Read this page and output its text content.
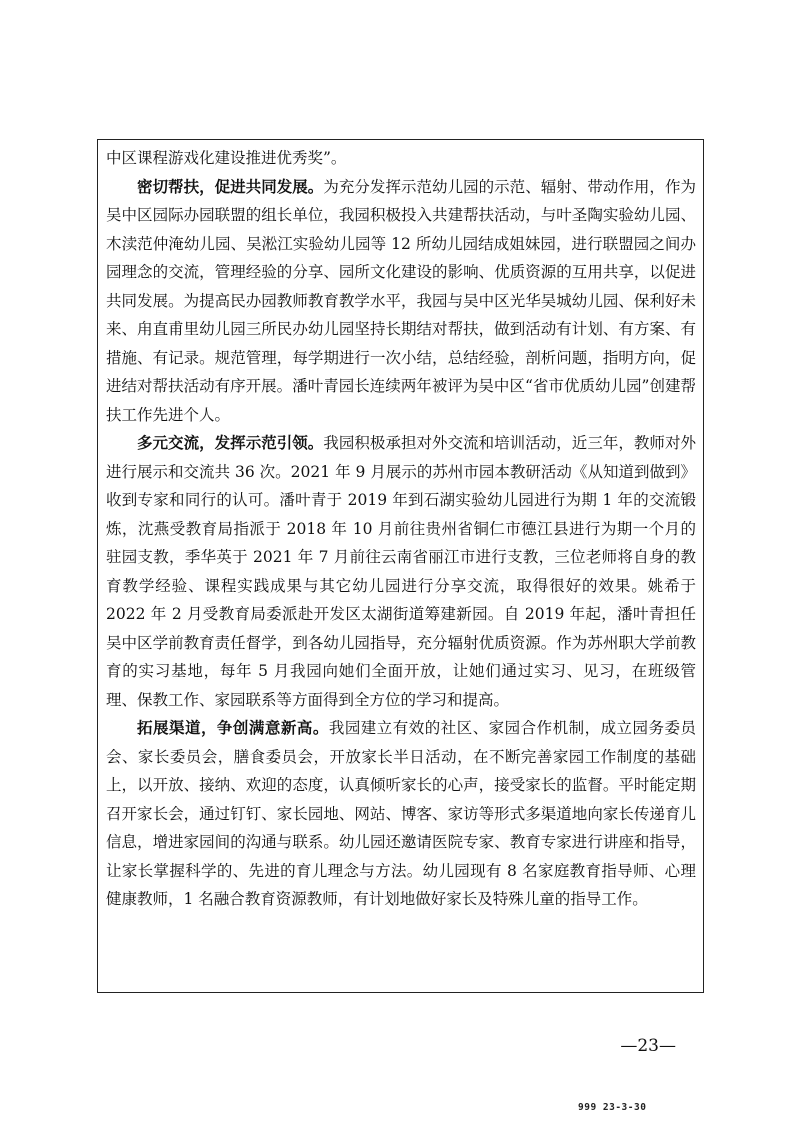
中区课程游戏化建设推进优秀奖”。

密切帮扶，促进共同发展。为充分发挥示范幼儿园的示范、辐射、带动作用，作为吴中区园际办园联盟的组长单位，我园积极投入共建帮扶活动，与叶圣陶实验幼儿园、木渎范仲淹幼儿园、吴淞江实验幼儿园等 12 所幼儿园结成姐妹园，进行联盟园之间办园理念的交流，管理经验的分享、园所文化建设的影响、优质资源的互用共享，以促进共同发展。为提高民办园教师教育教学水平，我园与吴中区光华吴城幼儿园、保利好未来、甪直甫里幼儿园三所民办幼儿园坚持长期结对帮扶，做到活动有计划、有方案、有措施、有记录。规范管理，每学期进行一次小结，总结经验，剖析问题，指明方向，促进结对帮扶活动有序开展。潘叶青园长连续两年被评为吴中区“省市优质幼儿园”创建帮扶工作先进个人。

多元交流，发挥示范引领。我园积极承担对外交流和培训活动，近三年，教师对外进行展示和交流共 36 次。2021 年 9 月展示的苏州市园本教研活动《从知道到做到》收到专家和同行的认可。潘叶青于 2019 年到石湖实验幼儿园进行为期 1 年的交流锻炼，沈燕受教育局指派于 2018 年 10 月前往贵州省铜仁市德江县进行为期一个月的驻园支教，季华英于 2021 年 7 月前往云南省丽江市进行支教，三位老师将自身的教育教学经验、课程实践成果与其它幼儿园进行分享交流，取得很好的效果。姚希于 2022 年 2 月受教育局委派赴开发区太湖街道筹建新园。自 2019 年起，潘叶青担任吴中区学前教育责任督学，到各幼儿园指导，充分辐射优质资源。作为苏州职大学前教育的实习基地，每年 5 月我园向她们全面开放，让她们通过实习、见习，在班级管理、保教工作、家园联系等方面得到全方位的学习和提高。

拓展渠道，争创满意新高。我园建立有效的社区、家园合作机制，成立园务委员会、家长委员会，膳食委员会，开放家长半日活动，在不断完善家园工作制度的基础上，以开放、接纳、欢迎的态度，认真倾听家长的心声，接受家长的监督。平时能定期召开家长会，通过钉钉、家长园地、网站、博客、家访等形式多渠道地向家长传递育儿信息，增进家园间的沟通与联系。幼儿园还邀请医院专家、教育专家进行讲座和指导，让家长掌握科学的、先进的育儿理念与方法。幼儿园现有 8 名家庭教育指导师、心理健康教师，1 名融合教育资源教师，有计划地做好家长及特殊儿童的指导工作。

—23—
999 23-3-30
